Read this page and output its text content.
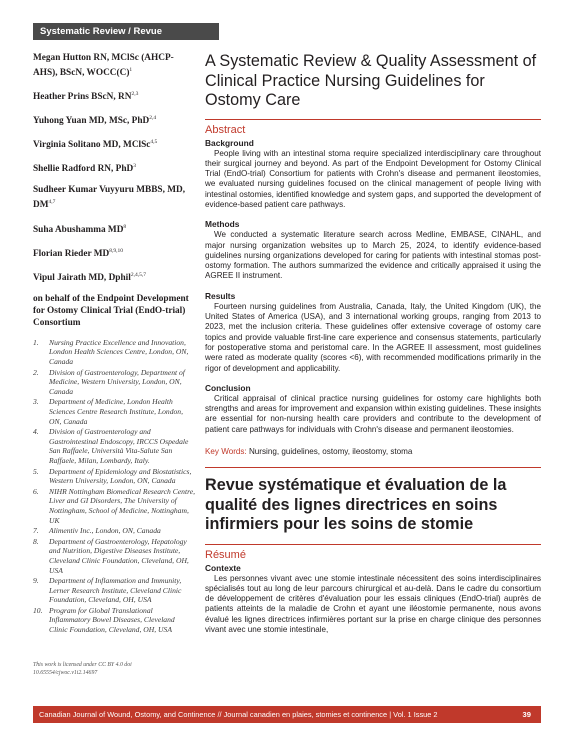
Systematic Review / Revue systématique
Megan Hutton RN, MClSc (AHCP-AHS), BScN, $WOCC(C)^1$
Heather Prins BScN, RN$^{2,3}$
Yuhong Yuan MD, MSc, PhD$^{2,4}$
Virginia Solitano MD, MClSc$^{4,5}$
Shellie Radford RN, PhD$^3$
Sudheer Kumar Vuyyuru MBBS, MD, DM$^{4,7}$
Suha Abushamma $MD^8$
Florian Rieder MD$^{8,9,10}$
Vipul Jairath MD, Dphil$^{2,4,5,7}$
on behalf of the Endpoint Development for Ostomy Clinical Trial (EndO-trial) Consortium
1. Nursing Practice Excellence and Innovation, London Health Sciences Centre, London, ON, Canada
2. Division of Gastroenterology, Department of Medicine, Western University, London, ON, Canada
3. Department of Medicine, London Health Sciences Centre Research Institute, London, ON, Canada
4. Division of Gastroenterology and Gastrointestinal Endoscopy, IRCCS Ospedale San Raffaele, Università Vita-Salute San Raffaele, Milan, Lombardy, Italy.
5. Department of Epidemiology and Biostatistics, Western University, London, ON, Canada
6. NIHR Nottingham Biomedical Research Centre, Liver and GI Disorders, The University of Nottingham, School of Medicine, Nottingham, UK
7. Alimentiv Inc., London, ON, Canada
8. Department of Gastroenterology, Hepatology and Nutrition, Digestive Diseases Institute, Cleveland Clinic Foundation, Cleveland, OH, USA
9. Department of Inflammation and Immunity, Lerner Research Institute, Cleveland Clinic Foundation, Cleveland, OH, USA
10. Program for Global Translational Inflammatory Bowel Diseases, Cleveland Clinic Foundation, Cleveland, OH, USA
This work is licensed under CC BY 4.0 doi 10.65554/cjwoc.v1i2.14697
A Systematic Review & Quality Assessment of Clinical Practice Nursing Guidelines for Ostomy Care
Abstract
Background

People living with an intestinal stoma require specialized interdisciplinary care throughout their surgical journey and beyond. As part of the Endpoint Development for Ostomy Clinical Trial (EndO-trial) Consortium for patients with Crohn's disease and permanent ileostomies, we evaluated nursing guidelines focused on the clinical management of people living with intestinal ostomies, identified knowledge and system gaps, and supported the development of evidence-based patient care pathways.

Methods

We conducted a systematic literature search across Medline, EMBASE, CINAHL, and major nursing organization websites up to March 25, 2024, to identify evidence-based guidelines nursing organizations developed for caring for patients with intestinal stomas post-ostomy formation. The authors summarized the evidence and critically appraised it using the AGREE II instrument.

Results

Fourteen nursing guidelines from Australia, Canada, Italy, the United Kingdom (UK), the United States of America (USA), and 3 international working groups, ranging from 2013 to 2023, met the inclusion criteria. These guidelines offer extensive coverage of ostomy care topics and provide valuable first-line care experience and consensus statements, particularly for postoperative stoma and peristomal care. In the AGREE II assessment, most guidelines were rated as moderate quality (scores <6), with recommended modifications primarily in the rigor of development and applicability.

Conclusion

Critical appraisal of clinical practice nursing guidelines for ostomy care highlights both strengths and areas for improvement and expansion within existing guidelines. These insights are essential for non-nursing health care providers and contribute to the development of patient care pathways for individuals with Crohn's disease and permanent ileostomies.

Key Words: Nursing, guidelines, ostomy, ileostomy, stoma
Revue systématique et évaluation de la qualité des lignes directrices en soins infirmiers pour les soins de stomie
Résumé
Contexte

Les personnes vivant avec une stomie intestinale nécessitent des soins interdisciplinaires spécialisés tout au long de leur parcours chirurgical et au-delà. Dans le cadre du consortium de développement de critères d'évaluation pour les essais cliniques (EndO-trial) auprès de patients atteints de la maladie de Crohn et ayant une iléostomie permanente, nous avons évalué les lignes directrices infirmières portant sur la prise en charge clinique des personnes vivant avec une stomie intestinale,

Canadian Journal of Wound, Ostomy, and Continence // Journal canadien en plaies, stomies et continence | Vol. 1 Issue 2	39
